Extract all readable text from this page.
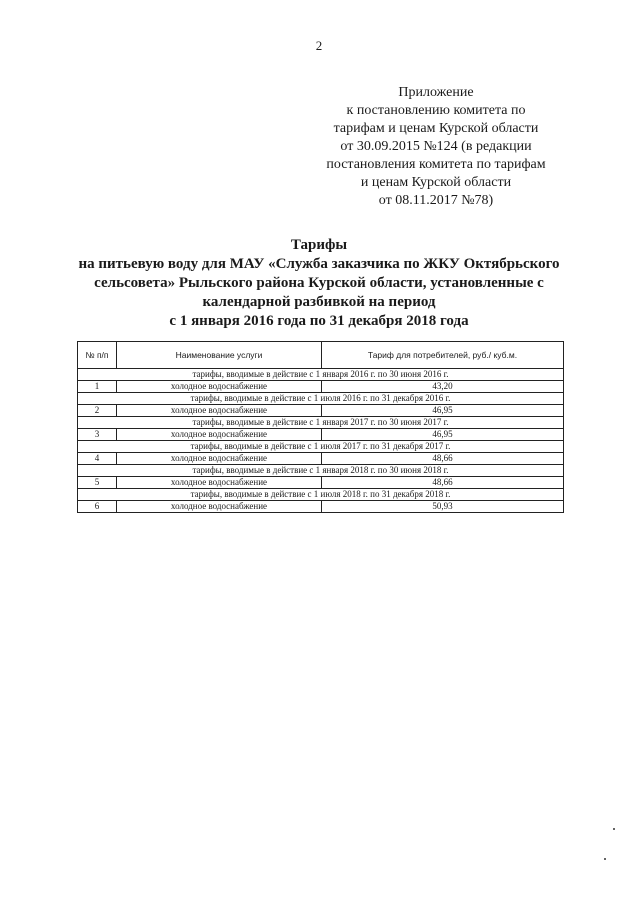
2
Приложение
к постановлению комитета по
тарифам и ценам Курской области
от 30.09.2015 №124 (в редакции
постановления комитета по тарифам
и ценам Курской области
от 08.11.2017 №78)
Тарифы
на питьевую воду для МАУ «Служба заказчика по ЖКУ Октябрьского
сельсовета» Рыльского района Курской области, установленные с
календарной разбивкой на период
с 1 января 2016 года по 31 декабря 2018 года
№ п/п	Наименование услуги	Тариф для потребителей, руб./ куб.м.
тарифы, вводимые в действие с 1 января 2016 г. по 30 июня 2016 г.		
1	холодное водоснабжение	43,20
тарифы, вводимые в действие с 1 июля 2016 г. по 31 декабря 2016 г.		
2	холодное водоснабжение	46,95
тарифы, вводимые в действие с 1 января 2017 г. по 30 июня 2017 г.		
3	холодное водоснабжение	46,95
тарифы, вводимые в действие с 1 июля 2017 г. по 31 декабря 2017 г.		
4	холодное водоснабжение	48,66
тарифы, вводимые в действие с 1 января 2018 г. по 30 июня 2018 г.		
5	холодное водоснабжение	48,66
тарифы, вводимые в действие с 1 июля 2018 г. по 31 декабря 2018 г.		
6	холодное водоснабжение	50,93
